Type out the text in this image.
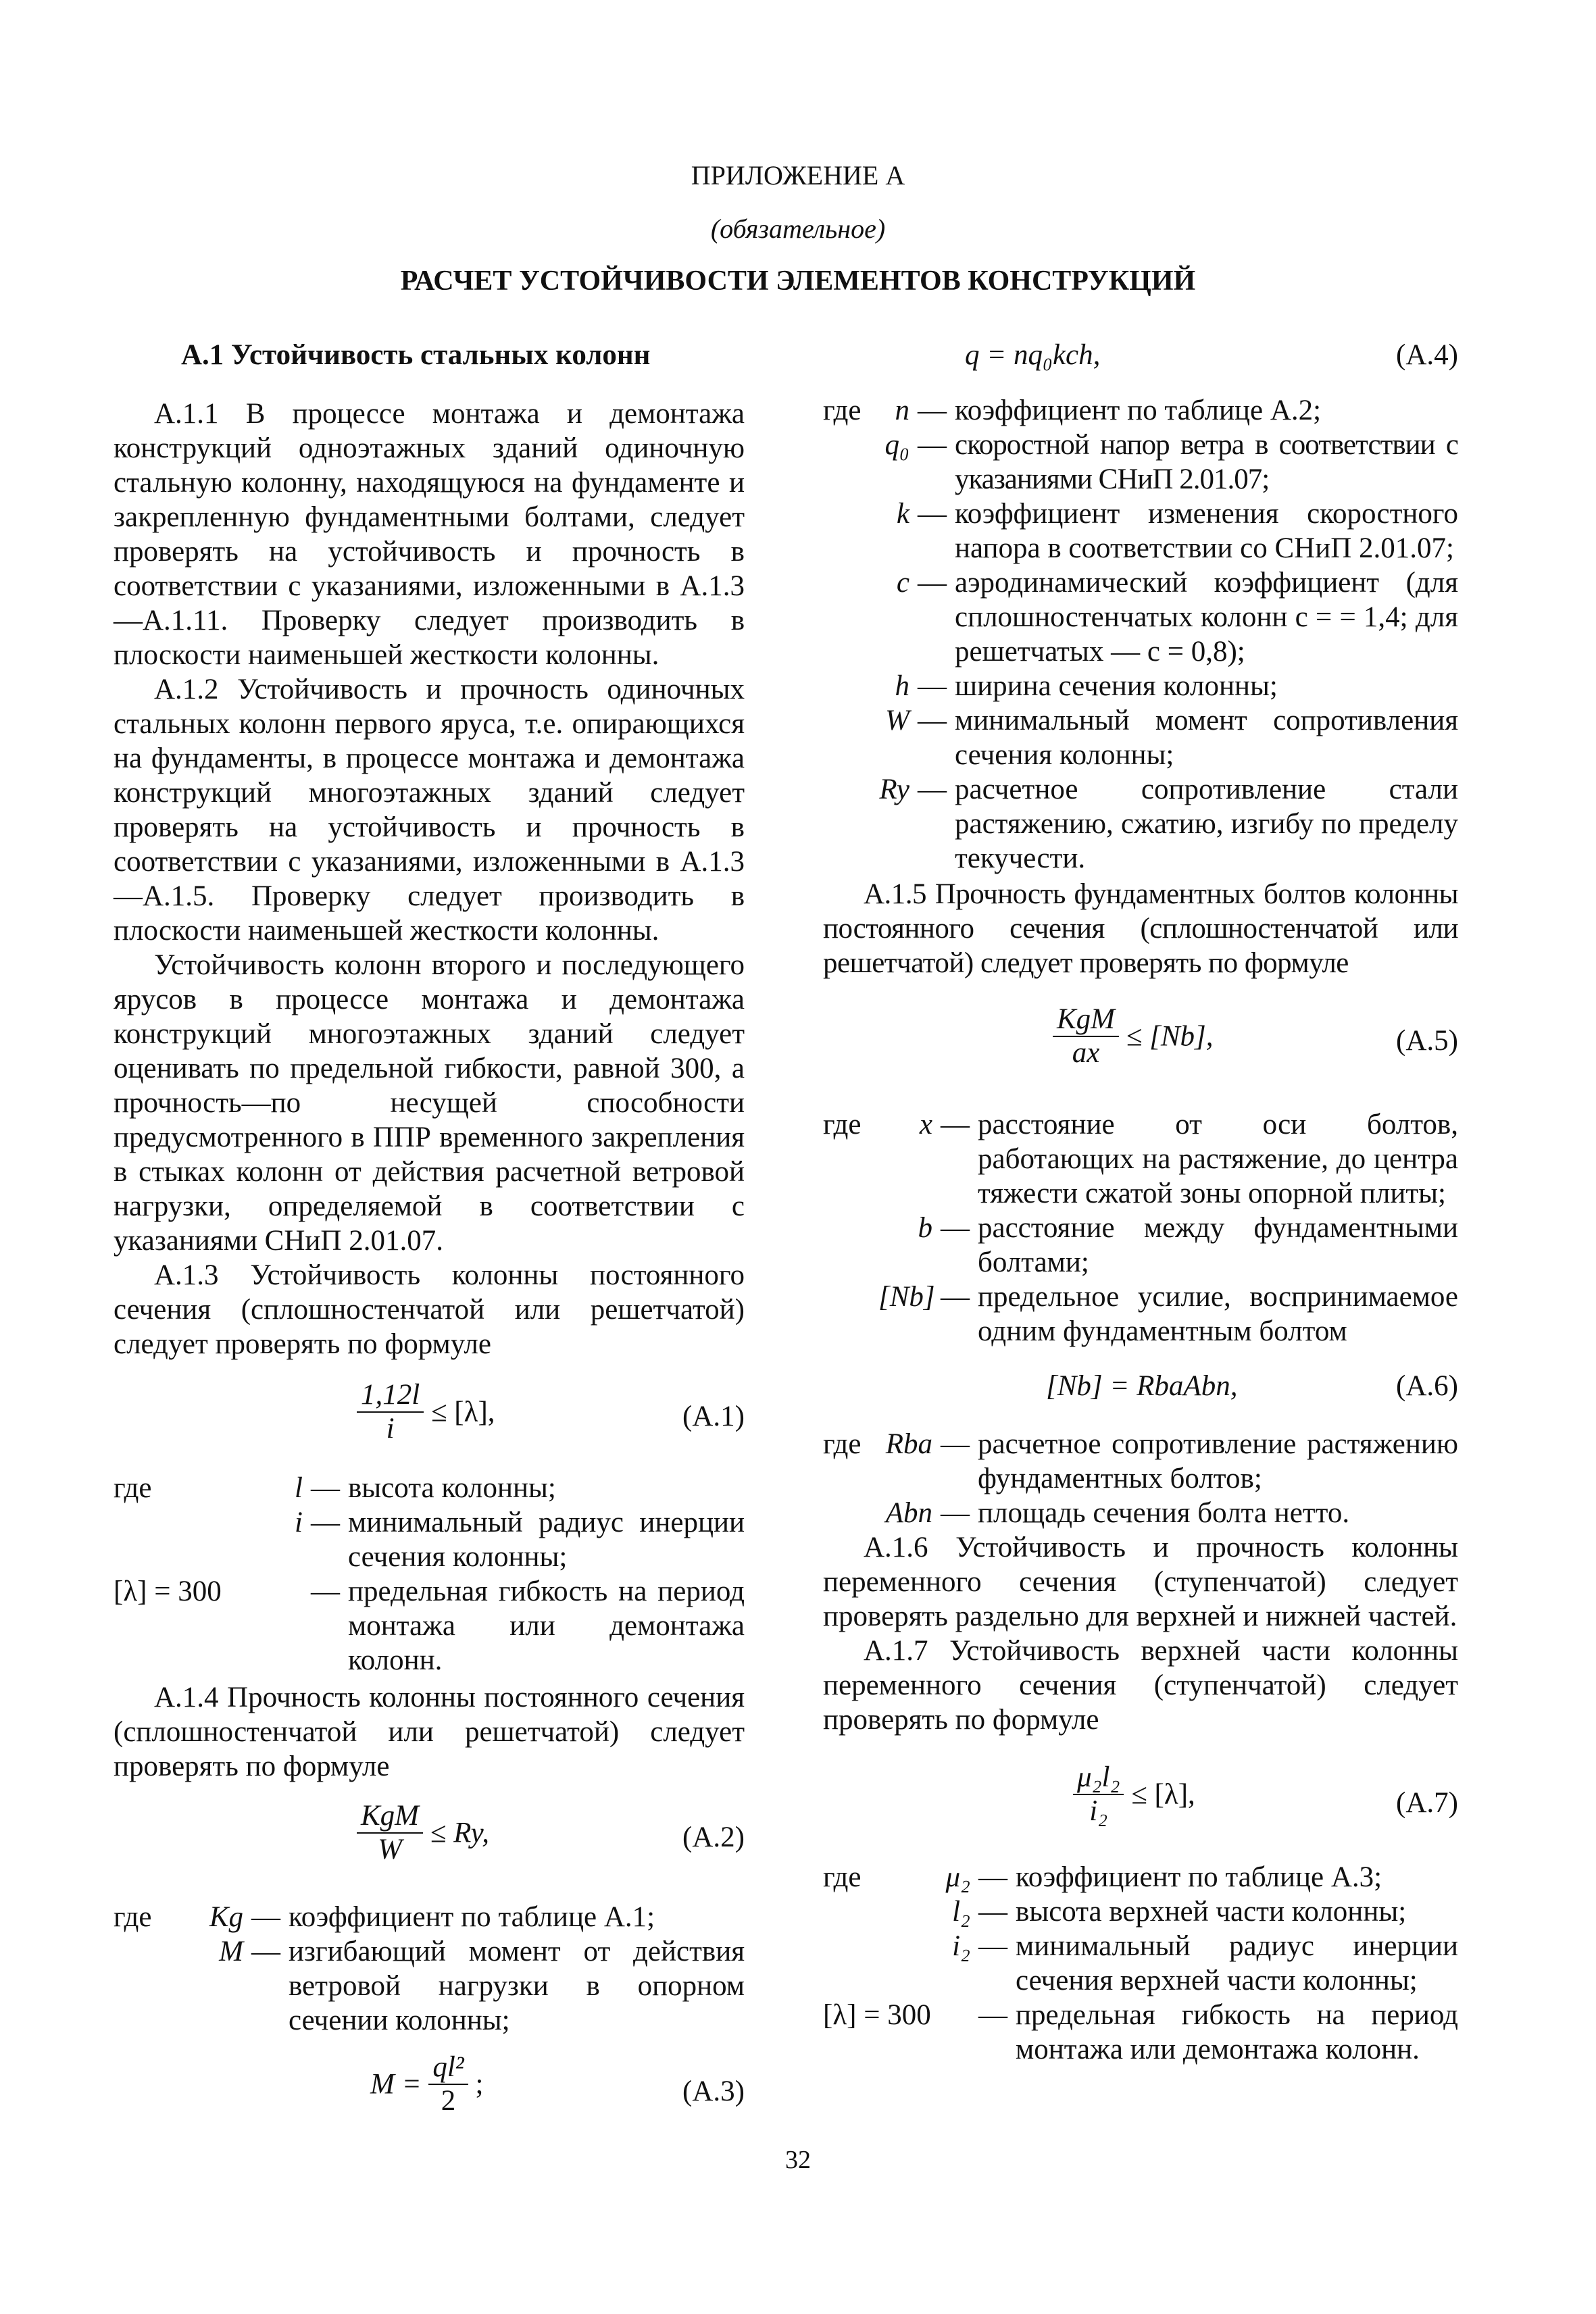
ПРИЛОЖЕНИЕ А
(обязательное)
РАСЧЕТ УСТОЙЧИВОСТИ ЭЛЕМЕНТОВ КОНСТРУКЦИЙ
А.1 Устойчивость стальных колонн

А.1.1 В процессе монтажа и демонтажа конструкций одноэтажных зданий одиночную стальную колонну, находящуюся на фундаменте и закрепленную фундаментными болтами, следует проверять на устойчивость и прочность в соответствии с указаниями, изложенными в А.1.3—А.1.11. Проверку следует производить в плоскости наименьшей жесткости колонны.

А.1.2 Устойчивость и прочность одиночных стальных колонн первого яруса, т.е. опирающихся на фундаменты, в процессе монтажа и демонтажа конструкций многоэтажных зданий следует проверять на устойчивость и прочность в соответствии с указаниями, изложенными в А.1.3—А.1.5. Проверку следует производить в плоскости наименьшей жесткости колонны.

Устойчивость колонн второго и последующего ярусов в процессе монтажа и демонтажа конструкций многоэтажных зданий следует оценивать по предельной гибкости, равной 300, а прочность—по несущей способности предусмотренного в ППР временного закрепления в стыках колонн от действия расчетной ветровой нагрузки, определяемой в соответствии с указаниями СНиП 2.01.07.

А.1.3 Устойчивость колонны постоянного сечения (сплошностенчатой или решетчатой) следует проверять по формуле

$\frac{1,12l}{i} \le [\lambda]$,	(А.1)
где	l — высота колонны;
i — минимальный радиус инерции сечения колонны;
[λ] = 300	— предельная гибкость на период монтажа или демонтажа колонн.

А.1.4 Прочность колонны постоянного сечения (сплошностенчатой или решетчатой) следует проверять по формуле

$\frac{\text{KgM}}{W} \le Ry$,	(А.2)
где	Kg — коэффициент по таблице А.1;
M — изгибающий момент от действия ветровой нагрузки в опорном сечении колонны;
$M = \frac{\text{ql²}}{2}$ ;	(А.3)
q = nq₀kch,	(А.4)
где	n — коэффициент по таблице А.2;
q₀ — скоростной напор ветра в соответствии с указаниями СНиП 2.01.07;
k — коэффициент изменения скоростного напора в соответствии со СНиП 2.01.07;
c — аэродинамический коэффициент (для сплошностенчатых колонн c = = 1,4; для решетчатых — c = 0,8);
h — ширина сечения колонны;
W — минимальный момент сопротивления сечения колонны;
Ry — расчетное сопротивление стали растяжению, сжатию, изгибу по пределу текучести.

А.1.5 Прочность фундаментных болтов колонны постоянного сечения (сплошностенчатой или решетчатой) следует проверять по формуле

$\frac{\text{KgM}}{ax} \le [Nb]$,	(А.5)
где	x — расстояние от оси болтов, работающих на растяжение, до центра тяжести сжатой зоны опорной плиты;
b — расстояние между фундаментными болтами;
[Nb] — предельное усилие, воспринимаемое одним фундаментным болтом
[Nb] = RbaAbn,	(А.6)
где Rba — расчетное сопротивление растяжению фундаментных болтов;
Abn — площадь сечения болта нетто.

А.1.6 Устойчивость и прочность колонны переменного сечения (ступенчатой) следует проверять раздельно для верхней и нижней частей.

А.1.7 Устойчивость верхней части колонны переменного сечения (ступенчатой) следует проверять по формуле

$\frac{\text{μ₂l₂}}{\text{i₂}} \le [\lambda]$,	(А.7)
где	μ₂ — коэффициент по таблице А.3;
l₂ — высота верхней части колонны;
i₂ — минимальный радиус инерции сечения верхней части колонны;
[λ] = 300	— предельная гибкость на период монтажа или демонтажа колонн.
32
